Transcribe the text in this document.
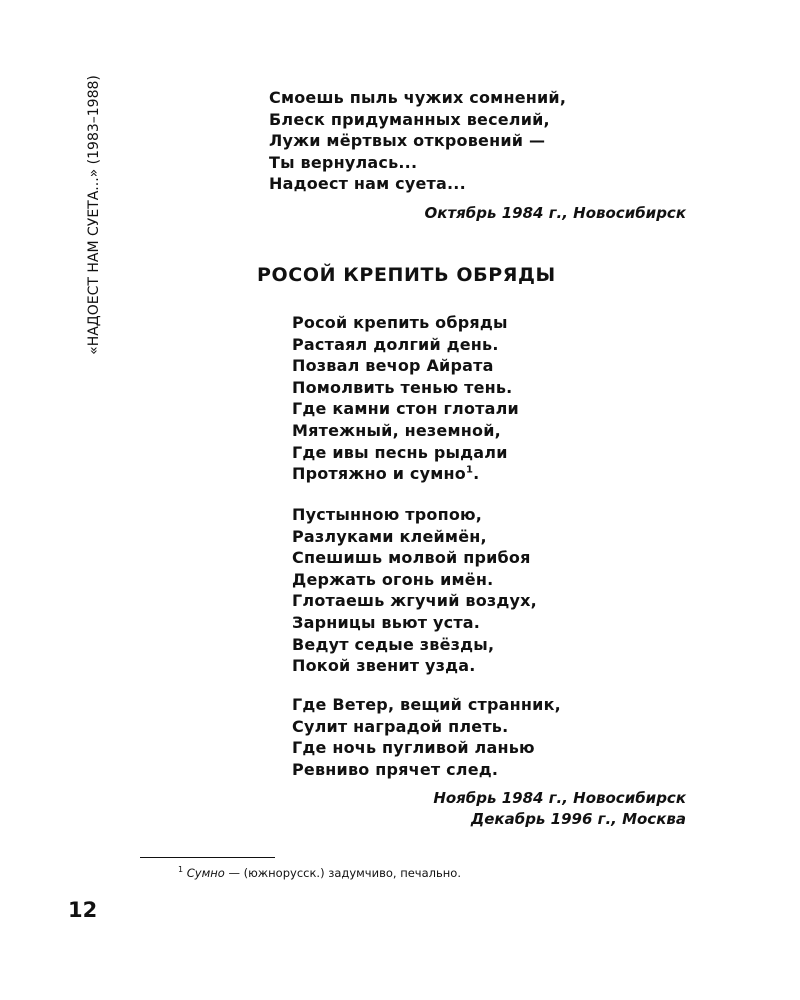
«НАДОЕСТ НАМ СУЕТА...» (1983–1988)	Смоешь пыль чужих сомнений,
Блеск придуманных веселий,
Лужи мёртвых откровений —
Ты вернулась...
Надоест нам суета...
Октябрь 1984 г., Новосибирск
РОСОЙ КРЕПИТЬ ОБРЯДЫ
Росой крепить обряды
Растаял долгий день.
Позвал вечор Айрата
Помолвить тенью тень.
Где камни стон глотали
Мятежный, неземной,
Где ивы песнь рыдали
Протяжно и сумно$^1$.
Пустынною тропою,
Разлуками клеймён,
Спешишь молвой прибоя
Держать огонь имён.
Глотаешь жгучий воздух,
Зарницы вьют уста.
Ведут седые звёзды,
Покой звенит узда.
Где Ветер, вещий странник,
Сулит наградой плеть.
Где ночь пугливой ланью
Ревниво прячет след.
Ноябрь 1984 г., Новосибирск
Декабрь 1996 г., Москва
$^1$ Сумно — (южнорусск.) задумчиво, печально.
12
